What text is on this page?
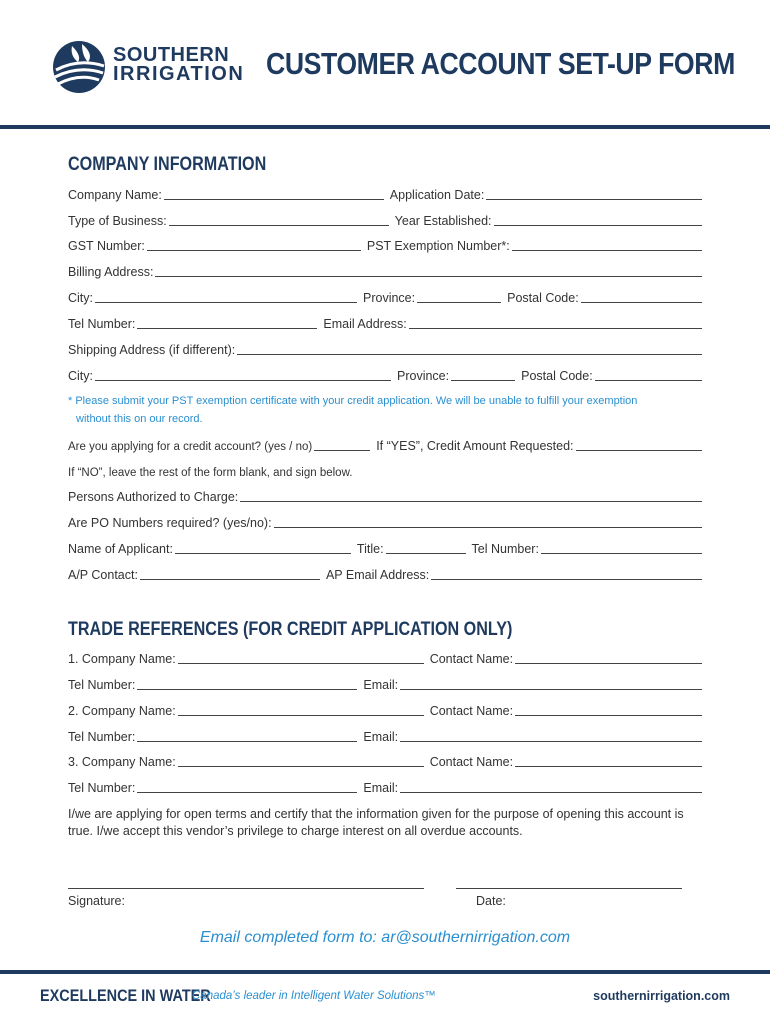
SOUTHERN
IRRIGATION CUSTOMER ACCOUNT SET-UP FORM
COMPANY INFORMATION
Company Name:	Application Date:
Type of Business:	Year Established:
GST Number:	PST Exemption Number*:
Billing Address:
City:	Province:	Postal Code:
Tel Number:	Email Address:
Shipping Address (if different):
City:	Province:	Postal Code:
* Please submit your PST exemption certificate with your credit application. We will be unable to fulfill your exemption
without this on our record.
Are you applying for a credit account? (yes / no)	If “YES”, Credit Amount Requested:
If “NO”, leave the rest of the form blank, and sign below.
Persons Authorized to Charge:
Are PO Numbers required? (yes/no):
Name of Applicant:	Title:	Tel Number:
A/P Contact:	AP Email Address:
TRADE REFERENCES (FOR CREDIT APPLICATION ONLY)
1. Company Name:	Contact Name:
Tel Number:	Email:
2. Company Name:	Contact Name:
Tel Number:	Email:
3. Company Name:	Contact Name:
Tel Number:	Email:
I/we are applying for open terms and certify that the information given for the purpose of opening this account is true. I/we accept this vendor’s privilege to charge interest on all overdue accounts.
Signature:	Date:
Email completed form to: ar@southernirrigation.com
EXCELLENCE IN WATER
Canada’s leader in Intelligent Water Solutions™	southernirrigation.com
